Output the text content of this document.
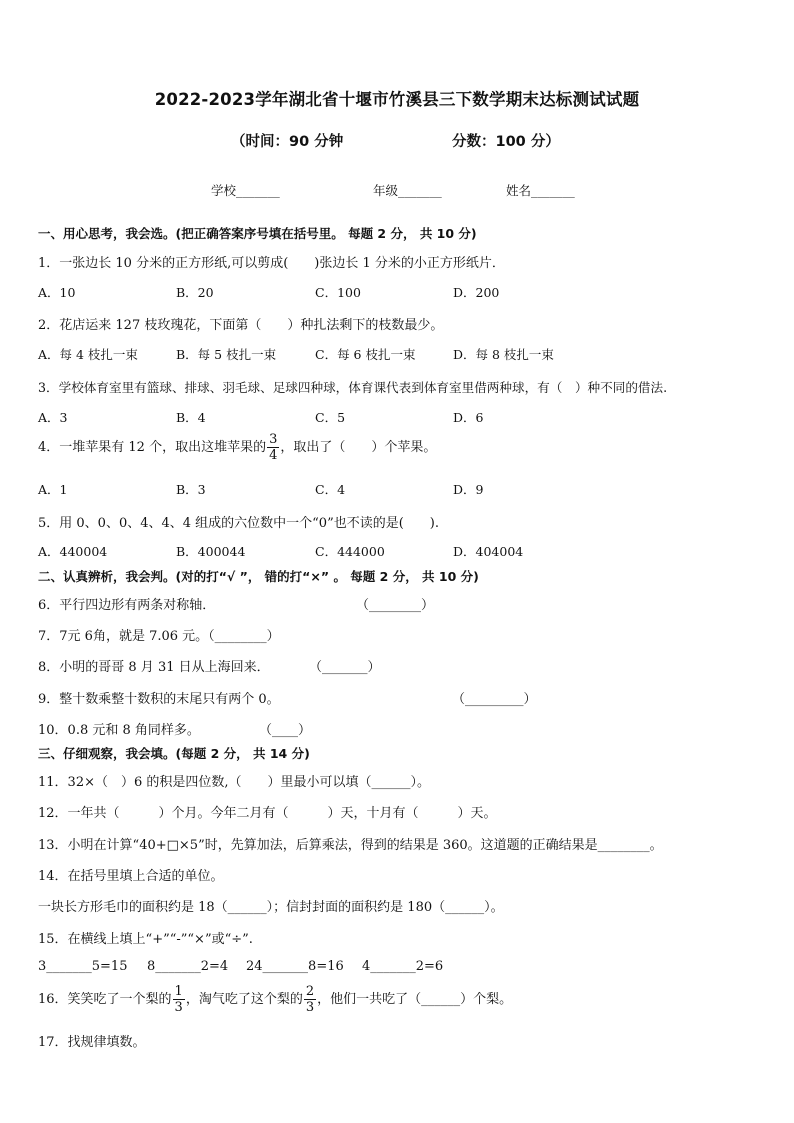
2022-2023学年湖北省十堰市竹溪县三下数学期末达标测试试题
（时间：90 分钟	分数：100 分）
学校_______	年级_______	姓名_______
一、用心思考，我会选。(把正确答案序号填在括号里。 每题 2 分， 共 10 分)
1．一张边长 10 分米的正方形纸,可以剪成(　　)张边长 1 分米的小正方形纸片．
A．10	B．20	C．100	D．200
2．花店运来 127 枝玫瑰花，下面第（　　）种扎法剩下的枝数最少。
A．每 4 枝扎一束	B．每 5 枝扎一束	C．每 6 枝扎一束	D．每 8 枝扎一束
3．学校体育室里有篮球、排球、羽毛球、足球四种球，体育课代表到体育室里借两种球，有（　）种不同的借法.
A．3	B．4	C．5	D．6
4．一堆苹果有 12 个，取出这堆苹果的 $\frac{3}{4}$ ，取出了（　　）个苹果。
A．1	B．3	C．4	D．9
5．用 0、0、0、4、4、4 组成的六位数中一个“0”也不读的是(　　).
A．440004	B．400044	C．444000	D．404004
二、认真辨析，我会判。(对的打“√ ”， 错的打“×” 。 每题 2 分， 共 10 分)
6．平行四边形有两条对称轴．	（________）
7．7元 6角，就是 7.06 元。（________）
8．小明的哥哥 8 月 31 日从上海回来．	（_______）
9．整十数乘整十数积的末尾只有两个 0。	（_________）
10．0.8 元和 8 角同样多。	（____）
三、仔细观察，我会填。(每题 2 分， 共 14 分)
11．32×（　）6 的积是四位数,（　　）里最小可以填（______）。
12．一年共（　　　）个月。今年二月有（　　　）天，十月有（　　　）天。
13．小明在计算“40+□×5”时，先算加法，后算乘法，得到的结果是 360。这道题的正确结果是________。
14．在括号里填上合适的单位。
一块长方形毛巾的面积约是 18（______）；信封封面的面积约是 180（______）。
15．在横线上填上“+”“-”“×”或“÷”.
3_______5=15 8_______2=4 24_______8=16 4_______2=6
16．笑笑吃了一个梨的 $\frac{1}{3}$ ，淘气吃了这个梨的 $\frac{2}{3}$ ，他们一共吃了（______）个梨。
17．找规律填数。
